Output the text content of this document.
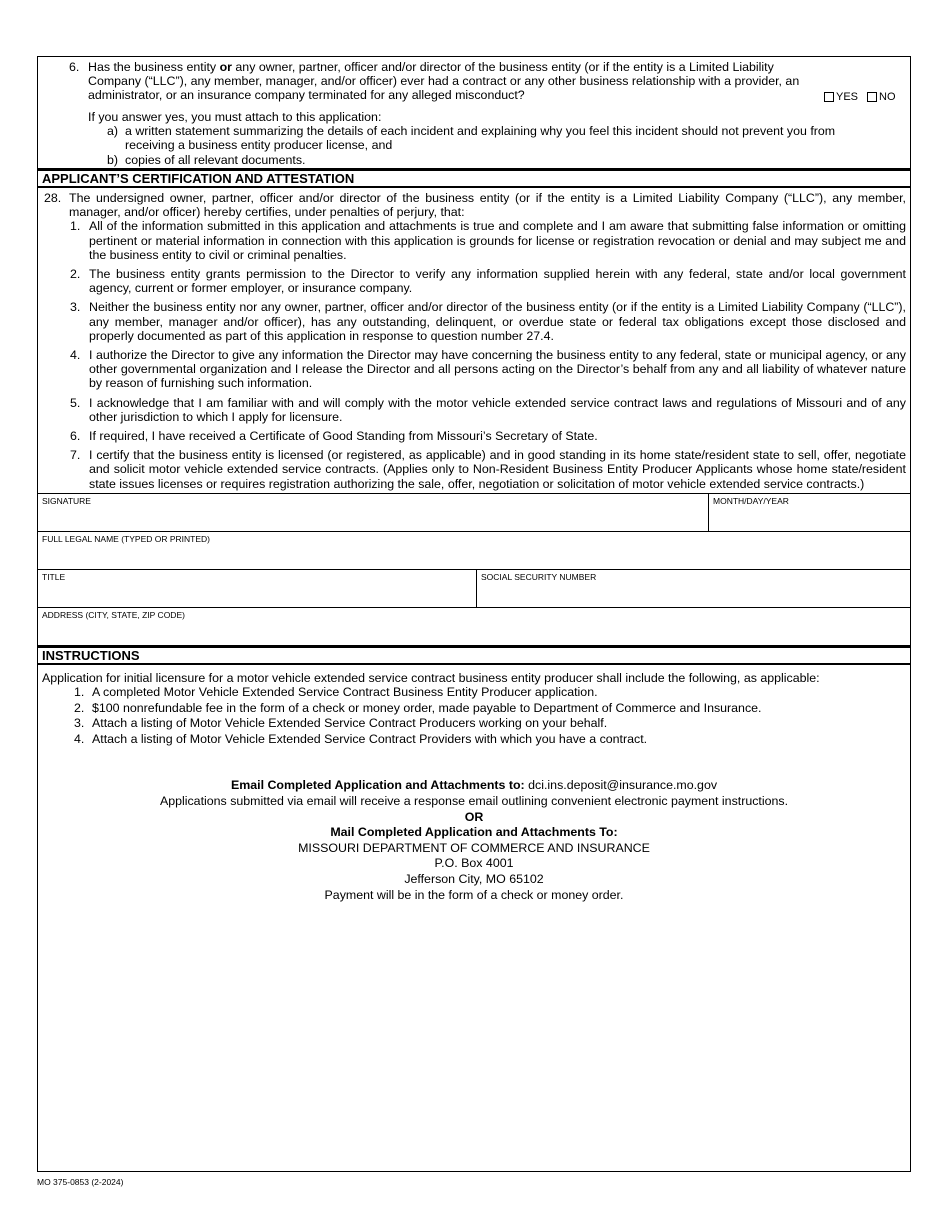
6. Has the business entity or any owner, partner, officer and/or director of the business entity (or if the entity is a Limited Liability Company (“LLC”), any member, manager, and/or officer) ever had a contract or any other business relationship with a provider, an administrator, or an insurance company terminated for any alleged misconduct?	YES NO
If you answer yes, you must attach to this application:
a) a written statement summarizing the details of each incident and explaining why you feel this incident should not prevent you from receiving a business entity producer license, and
b) copies of all relevant documents.
APPLICANT’S CERTIFICATION AND ATTESTATION
28. The undersigned owner, partner, officer and/or director of the business entity (or if the entity is a Limited Liability Company (“LLC”), any member, manager, and/or officer) hereby certifies, under penalties of perjury, that:
1. All of the information submitted in this application and attachments is true and complete and I am aware that submitting false information or omitting pertinent or material information in connection with this application is grounds for license or registration revocation or denial and may subject me and the business entity to civil or criminal penalties.
2. The business entity grants permission to the Director to verify any information supplied herein with any federal, state and/or local government agency, current or former employer, or insurance company.
3. Neither the business entity nor any owner, partner, officer and/or director of the business entity (or if the entity is a Limited Liability Company (“LLC”), any member, manager and/or officer), has any outstanding, delinquent, or overdue state or federal tax obligations except those disclosed and properly documented as part of this application in response to question number 27.4.
4. I authorize the Director to give any information the Director may have concerning the business entity to any federal, state or municipal agency, or any other governmental organization and I release the Director and all persons acting on the Director’s behalf from any and all liability of whatever nature by reason of furnishing such information.
5. I acknowledge that I am familiar with and will comply with the motor vehicle extended service contract laws and regulations of Missouri and of any other jurisdiction to which I apply for licensure.
6. If required, I have received a Certificate of Good Standing from Missouri’s Secretary of State.
7. I certify that the business entity is licensed (or registered, as applicable) and in good standing in its home state/resident state to sell, offer, negotiate and solicit motor vehicle extended service contracts. (Applies only to Non-Resident Business Entity Producer Applicants whose home state/resident state issues licenses or requires registration authorizing the sale, offer, negotiation or solicitation of motor vehicle extended service contracts.)
SIGNATURE	MONTH/DAY/YEAR
FULL LEGAL NAME (TYPED OR PRINTED)
TITLE	SOCIAL SECURITY NUMBER
ADDRESS (CITY, STATE, ZIP CODE)
INSTRUCTIONS
Application for initial licensure for a motor vehicle extended service contract business entity producer shall include the following, as applicable:
1. A completed Motor Vehicle Extended Service Contract Business Entity Producer application.
2. $100 nonrefundable fee in the form of a check or money order, made payable to Department of Commerce and Insurance.
3. Attach a listing of Motor Vehicle Extended Service Contract Producers working on your behalf.
4. Attach a listing of Motor Vehicle Extended Service Contract Providers with which you have a contract.
Email Completed Application and Attachments to: dci.ins.deposit@insurance.mo.gov
Applications submitted via email will receive a response email outlining convenient electronic payment instructions.
OR
Mail Completed Application and Attachments To:
MISSOURI DEPARTMENT OF COMMERCE AND INSURANCE
P.O. Box 4001
Jefferson City, MO 65102
Payment will be in the form of a check or money order.
MO 375-0853 (2-2024)
